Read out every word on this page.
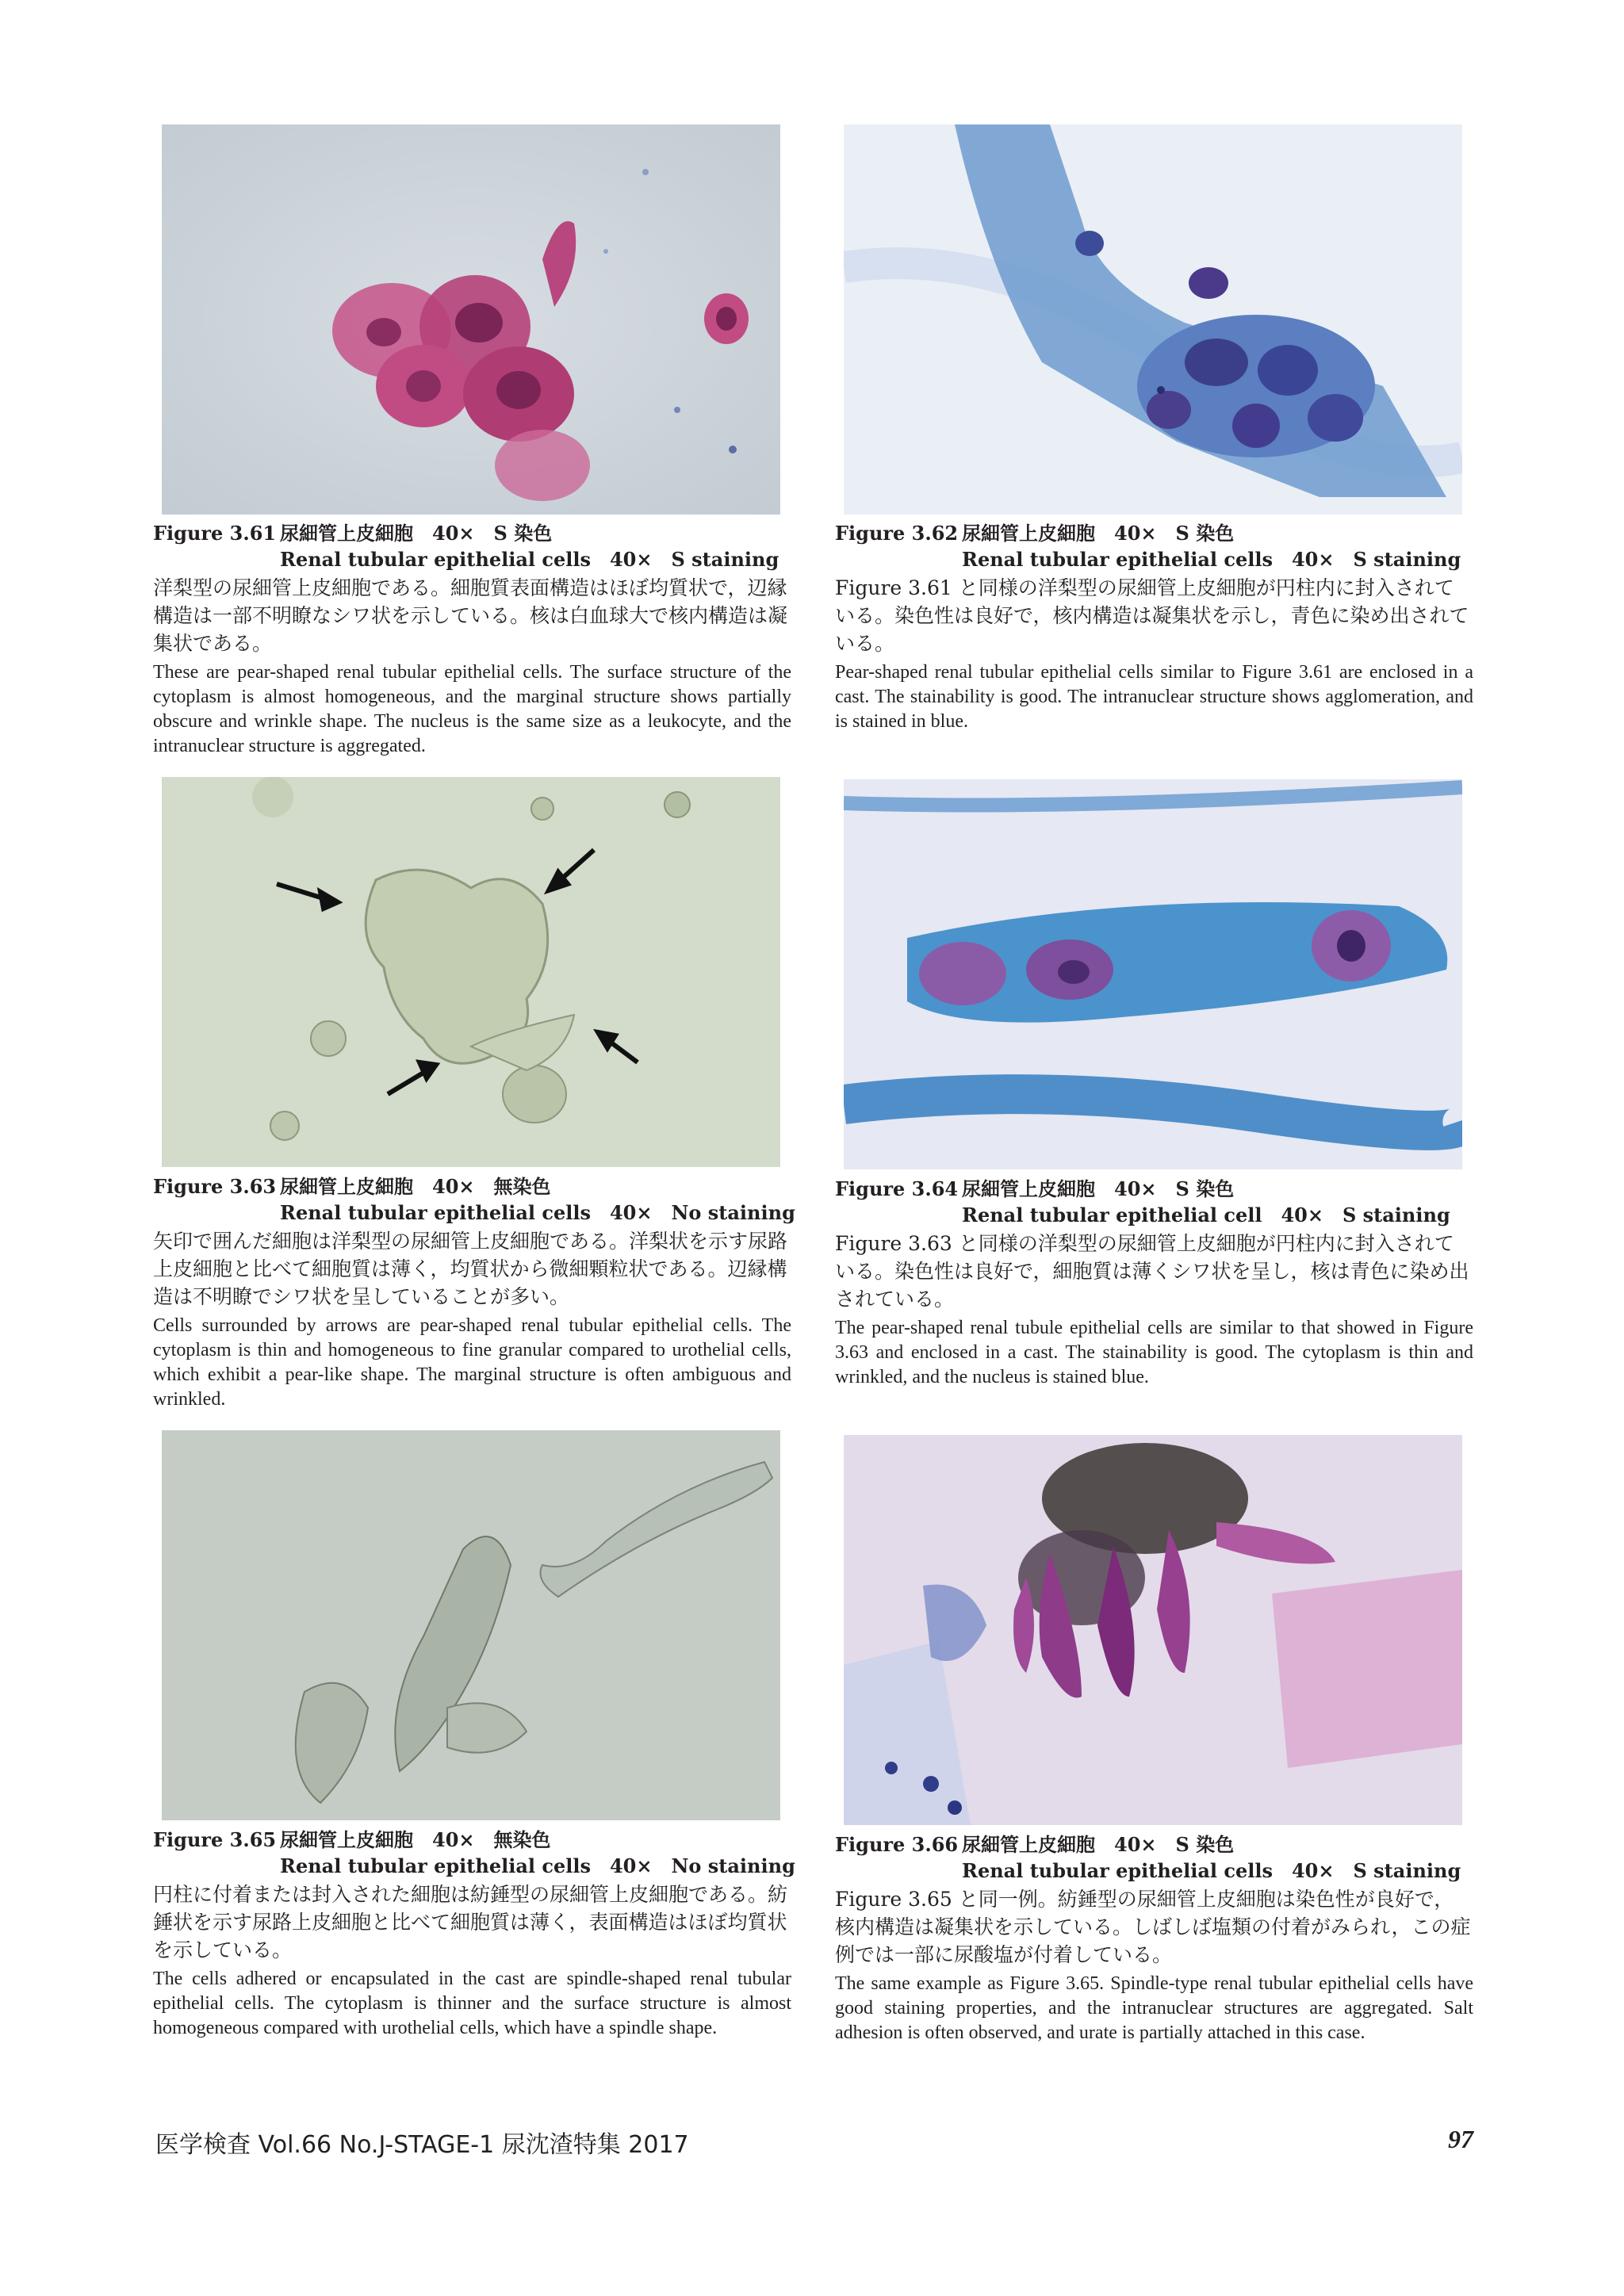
Figure 3.61 尿細管上皮細胞　40×　S 染色
Renal tubular epithelial cells　40×　S staining
洋梨型の尿細管上皮細胞である。細胞質表面構造はほぼ均質状で，辺縁構造は一部不明瞭なシワ状を示している。核は白血球大で核内構造は凝集状である。
These are pear-shaped renal tubular epithelial cells. The surface structure of the cytoplasm is almost homogeneous, and the marginal structure shows partially obscure and wrinkle shape. The nucleus is the same size as a leukocyte, and the intranuclear structure is aggregated.
Figure 3.62 尿細管上皮細胞　40×　S 染色
Renal tubular epithelial cells　40×　S staining
Figure 3.61 と同様の洋梨型の尿細管上皮細胞が円柱内に封入されている。染色性は良好で，核内構造は凝集状を示し，青色に染め出されている。
Pear-shaped renal tubular epithelial cells similar to Figure 3.61 are enclosed in a cast. The stainability is good. The intranuclear structure shows agglomeration, and is stained in blue.
Figure 3.63 尿細管上皮細胞　40×　無染色
Renal tubular epithelial cells　40×　No staining
矢印で囲んだ細胞は洋梨型の尿細管上皮細胞である。洋梨状を示す尿路上皮細胞と比べて細胞質は薄く，均質状から微細顆粒状である。辺縁構造は不明瞭でシワ状を呈していることが多い。
Cells surrounded by arrows are pear-shaped renal tubular epithelial cells. The cytoplasm is thin and homogeneous to fine granular compared to urothelial cells, which exhibit a pear-like shape. The marginal structure is often ambiguous and wrinkled.
Figure 3.64 尿細管上皮細胞　40×　S 染色
Renal tubular epithelial cell　40×　S staining
Figure 3.63 と同様の洋梨型の尿細管上皮細胞が円柱内に封入されている。染色性は良好で，細胞質は薄くシワ状を呈し，核は青色に染め出されている。
The pear-shaped renal tubule epithelial cells are similar to that showed in Figure 3.63 and enclosed in a cast. The stainability is good. The cytoplasm is thin and wrinkled, and the nucleus is stained blue.
Figure 3.65 尿細管上皮細胞　40×　無染色
Renal tubular epithelial cells　40×　No staining
円柱に付着または封入された細胞は紡錘型の尿細管上皮細胞である。紡錘状を示す尿路上皮細胞と比べて細胞質は薄く，表面構造はほぼ均質状を示している。
The cells adhered or encapsulated in the cast are spindle-shaped renal tubular epithelial cells. The cytoplasm is thinner and the surface structure is almost homogeneous compared with urothelial cells, which have a spindle shape.
Figure 3.66 尿細管上皮細胞　40×　S 染色
Renal tubular epithelial cells　40×　S staining
Figure 3.65 と同一例。紡錘型の尿細管上皮細胞は染色性が良好で，核内構造は凝集状を示している。しばしば塩類の付着がみられ，この症例では一部に尿酸塩が付着している。
The same example as Figure 3.65. Spindle-type renal tubular epithelial cells have good staining properties, and the intranuclear structures are aggregated. Salt adhesion is often observed, and urate is partially attached in this case.
医学検査 Vol.66 No.J-STAGE-1 尿沈渣特集 2017	97
